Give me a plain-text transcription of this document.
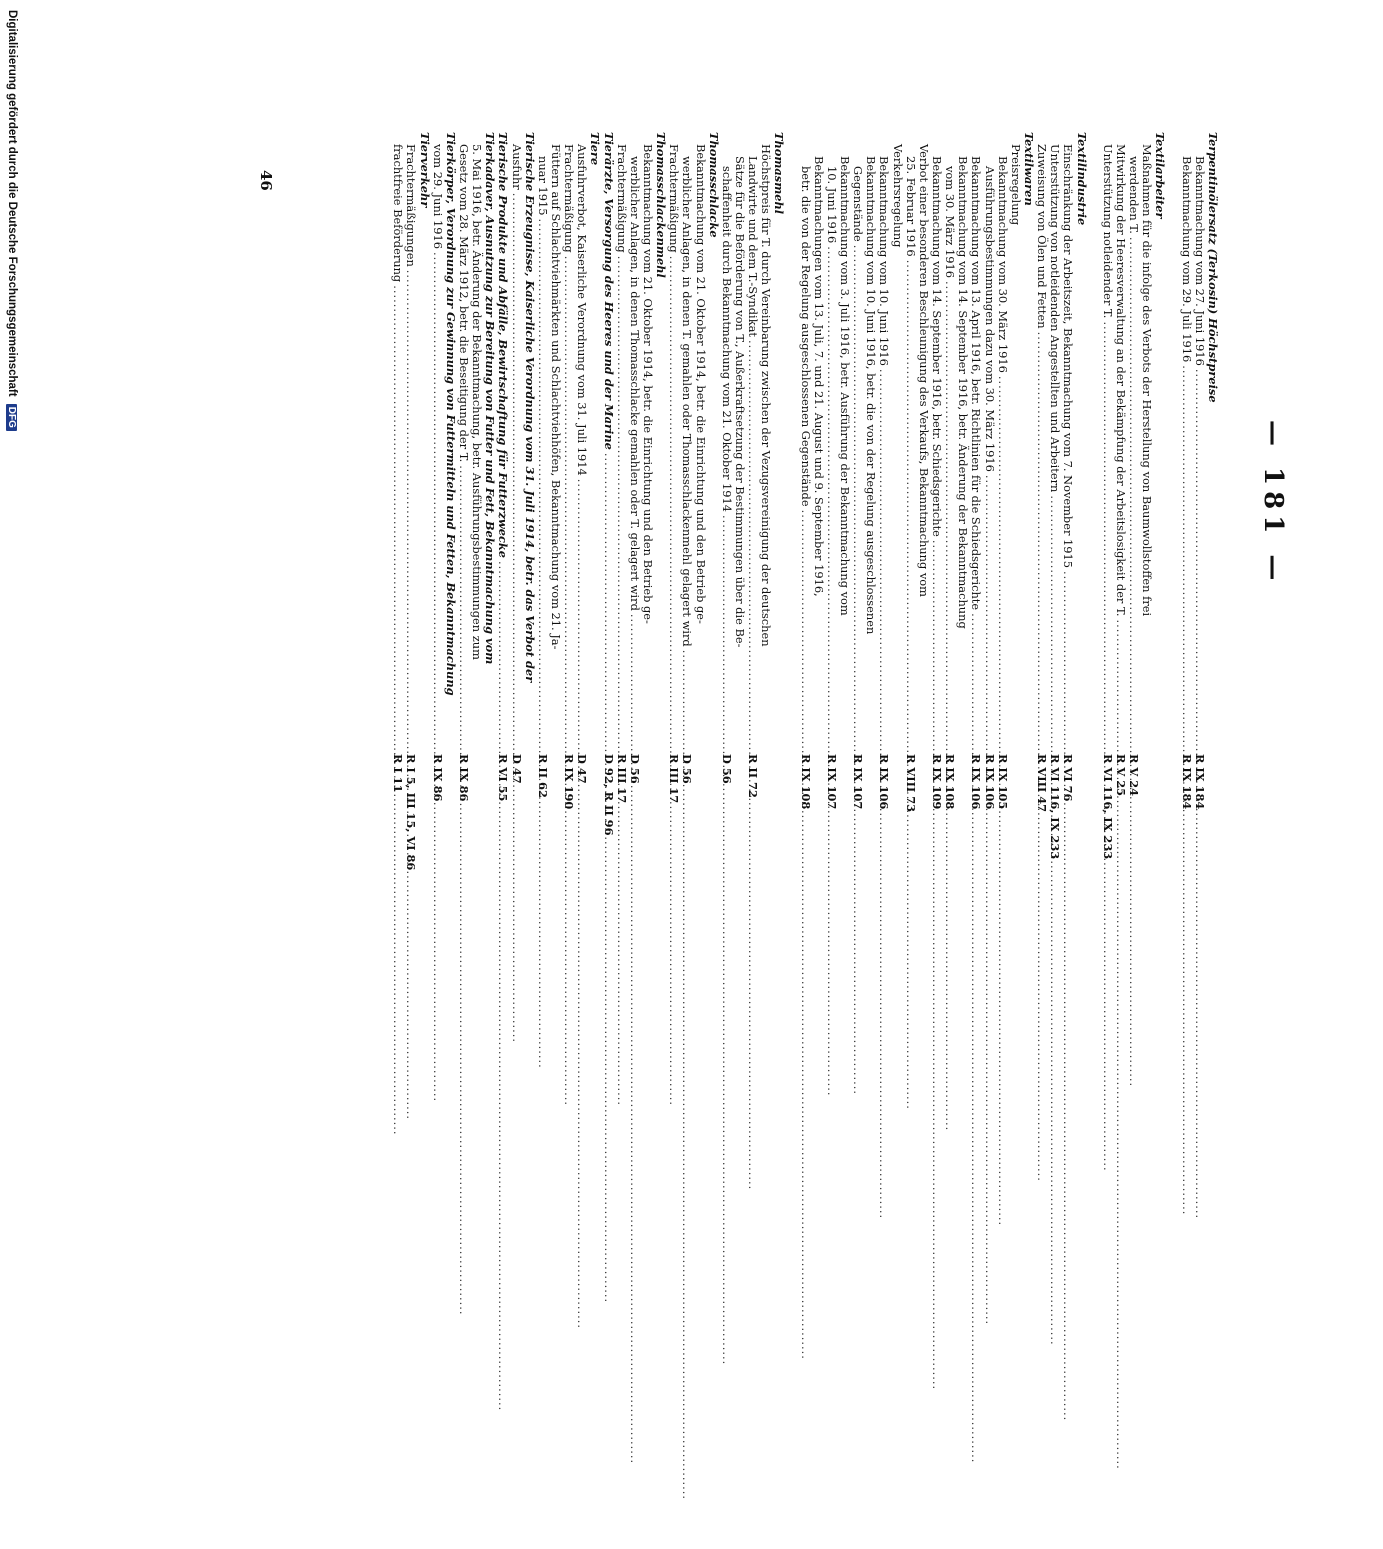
— 181 —
Terpentinölersatz (Terkosin) Höchstpreise
Bekanntmachung vom 27. Juni 1916
.....
R IX 184
Bekanntmachung vom 29. Juli 1916
.....
R IX 184
Textilarbeiter
Maßnahmen für die infolge des Verbots der Herstellung von Baumwollstoffen frei
werdenden T.
.....
R V 24
Mitwirkung der Heeresverwaltung an der Bekämpfung der Arbeitslosigkeit der T.
.....
R V 25
Unterstützung notleidender T.
.....
R VI 116, IX 233
Textilindustrie
Einschränkung der Arbeitszeit, Bekanntmachung vom 7. November 1915
.....
R VI 76
Unterstützung von notleidenden Angestellten und Arbeitern
.....
R VI 116, IX 233
Zuweisung von Ölen und Fetten
.....
R VIII 47
Textilwaren
Preisregelung
Bekanntmachung vom 30. März 1916
.....
R IX 105
Ausführungsbestimmungen dazu vom 30. März 1916
.....
R IX 106
Bekanntmachung vom 13. April 1916, betr. Richtlinien für die Schiedsgerichte
.....
R IX 106
Bekanntmachung vom 14. September 1916, betr. Änderung der Bekanntmachung
vom 30. März 1916
.....
R IX 108
Bekanntmachung vom 14. September 1916, betr. Schiedsgerichte
.....
R IX 109
Verbot einer besonderen Beschleunigung des Verkaufs, Bekanntmachung vom
25. Februar 1916
.....
R VIII 73
Verkehrsregelung
Bekanntmachung vom 10. Juni 1916
.....
R IX 106
Bekanntmachung vom 10. Juni 1916, betr. die von der Regelung ausgeschlossenen
Gegenstände
.....
R IX 107
Bekanntmachung vom 3. Juli 1916, betr. Ausführung der Bekanntmachung vom
10. Juni 1916
.....
R IX 107
Bekanntmachungen vom 13. Juli, 7. und 21. August und 9. September 1916,
betr. die von der Regelung ausgeschlossenen Gegenstände
.....
R IX 108
Thomasmehl
Höchstpreis für T. durch Vereinbarung zwischen der Vezugsvereinigung der deutschen
Landwirte und dem T.-Syndikat
.....
R II 72
Sätze für die Beförderung von T., Außerkraftsetzung der Bestimmungen über die Be-
schaffenheit durch Bekanntmachung vom 21. Oktober 1914
.....
D 56
Thomasschlacke
Bekanntmachung vom 21. Oktober 1914, betr. die Einrichtung und den Betrieb ge-
werblicher Anlagen, in denen T. gemahlen oder Thomasschlackenmehl gelagert wird
.....
D 56
Frachtermäßigung
.....
R III 17
Thomasschlackenmehl
Bekanntmachung vom 21. Oktober 1914, betr. die Einrichtung und den Betrieb ge-
werblicher Anlagen, in denen Thomasschlacke gemahlen oder T. gelagert wird
.....
D 56
Frachtermäßigung
.....
R III 17
Tierärzte, Versorgung des Heeres und der Marine
.....
D 92, R II 96
Tiere
Ausfuhrverbot, Kaiserliche Verordnung vom 31. Juli 1914
.....
D 47
Frachtermäßigung
.....
R IX 190
Füttern auf Schlachtviehmärkten und Schlachtviehhöfen, Bekanntmachung vom 21. Ja-
nuar 1915
.....
R II 62
Tierische Erzeugnisse, Kaiserliche Verordnung vom 31. Juli 1914, betr. das Verbot der
Ausfuhr
.....
D 47
Tierische Produkte und Abfälle, Bewirtschaftung für Futterzwecke
.....
R VI 55
Tierkadaver, Ausnutzung zur Bereitung von Futter und Fett, Bekanntmachung vom
5. Mai 1916, betr. Änderung der Bekanntmachung, betr. Ausführungsbestimmungen zum
Gesetz vom 28. März 1912, betr. die Beseitigung der T.
.....
R IX 86
Tierkörper, Verordnung zur Gewinnung von Futtermitteln und Fetten, Bekanntmachung
vom 29. Juni 1916
.....
R IX 86
Tierverkehr
Frachtermäßigungen
.....
R I 5, III 15, VI 86
frachtfreie Beförderung
.....
R I 11
46
Digitalisierung gefördert durch die Deutsche Forschungsgemeinschaft DFG
